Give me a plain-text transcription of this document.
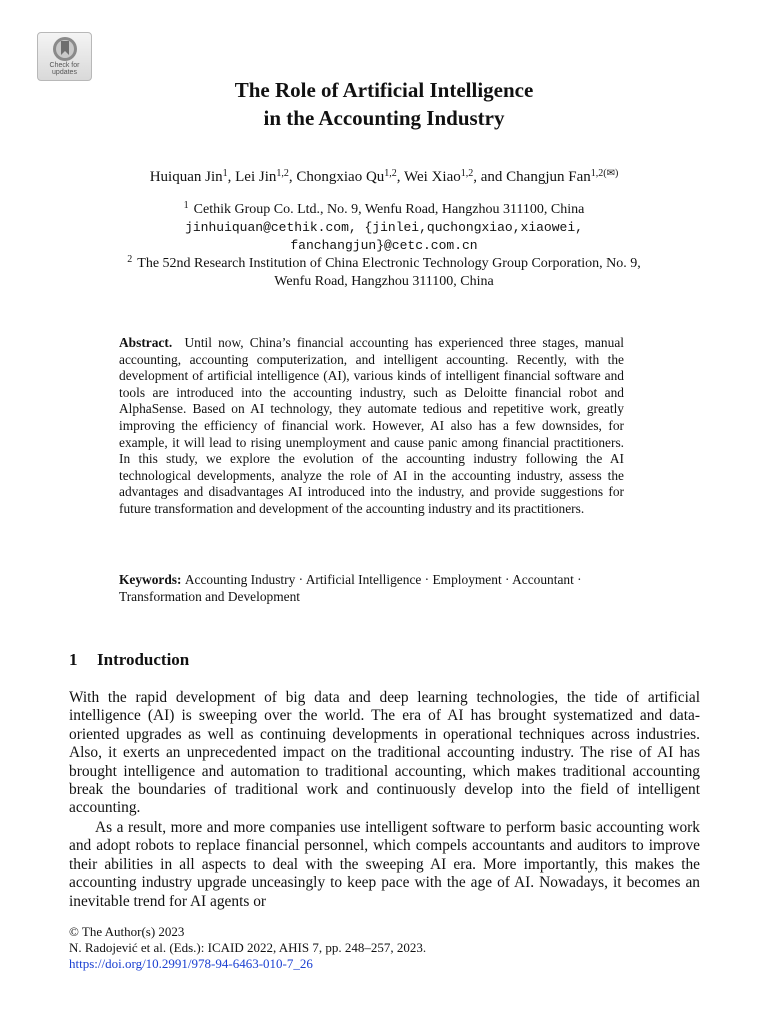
Check for
updates
The Role of Artificial Intelligence
in the Accounting Industry
Huiquan Jin$^1$, Lei Jin$^{1,2}$, Chongxiao Qu$^{1,2}$, Wei Xiao$^{1,2}$, and Changjun Fan$^{1,2(✉)}$
$^1$ Cethik Group Co. Ltd., No. 9, Wenfu Road, Hangzhou 311100, China
jinhuiquan@cethik.com, {jinlei,quchongxiao,xiaowei,
fanchangjun}@cetc.com.cn
$^2$ The 52nd Research Institution of China Electronic Technology Group Corporation, No. 9,
Wenfu Road, Hangzhou 311100, China

Abstract. Until now, China’s financial accounting has experienced three stages, manual accounting, accounting computerization, and intelligent accounting. Recently, with the development of artificial intelligence (AI), various kinds of intelligent financial software and tools are introduced into the accounting industry, such as Deloitte financial robot and AlphaSense. Based on AI technology, they automate tedious and repetitive work, greatly improving the efficiency of financial work. However, AI also has a few downsides, for example, it will lead to rising unemployment and cause panic among financial practitioners. In this study, we explore the evolution of the accounting industry following the AI technological developments, analyze the role of AI in the accounting industry, assess the advantages and disadvantages AI introduced into the industry, and provide suggestions for future transformation and development of the accounting industry and its practitioners.

Keywords: Accounting Industry · Artificial Intelligence · Employment · Accountant · Transformation and Development

1 Introduction

With the rapid development of big data and deep learning technologies, the tide of artificial intelligence (AI) is sweeping over the world. The era of AI has brought systematized and data-oriented upgrades as well as continuing developments in operational techniques across industries. Also, it exerts an unprecedented impact on the traditional accounting industry. The rise of AI has brought intelligence and automation to traditional accounting, which makes traditional accounting break the boundaries of traditional work and continuously develop into the field of intelligent accounting.

As a result, more and more companies use intelligent software to perform basic accounting work and adopt robots to replace financial personnel, which compels accountants and auditors to improve their abilities in all aspects to deal with the sweeping AI era. More importantly, this makes the accounting industry upgrade unceasingly to keep pace with the age of AI. Nowadays, it becomes an inevitable trend for AI agents or

© The Author(s) 2023
N. Radojević et al. (Eds.): ICAID 2022, AHIS 7, pp. 248–257, 2023.
https://doi.org/10.2991/978-94-6463-010-7_26
